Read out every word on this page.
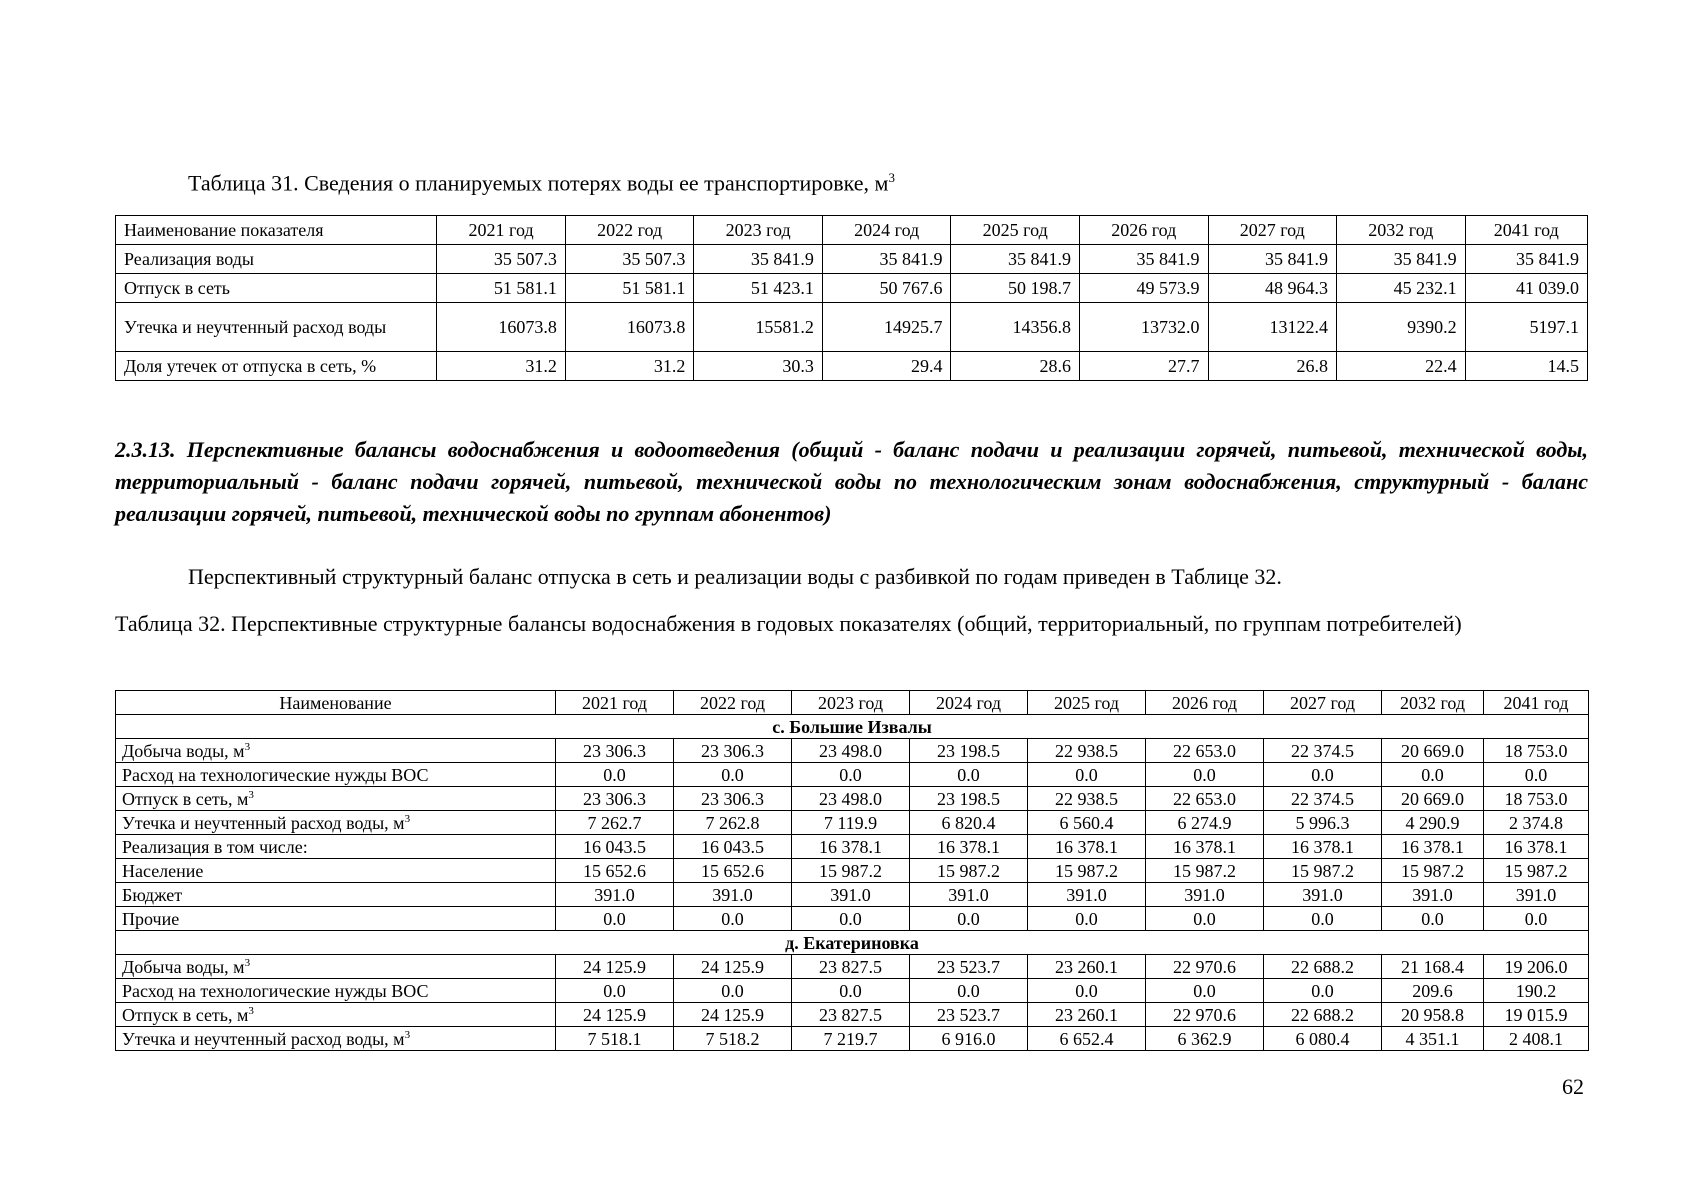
Таблица 31. Сведения о планируемых потерях воды ее транспортировке, $м^3$
Наименование показателя	2021 год	2022 год	2023 год	2024 год	2025 год	2026 год	2027 год	2032 год	2041 год
Реализация воды	35 507.3	35 507.3	35 841.9	35 841.9	35 841.9	35 841.9	35 841.9	35 841.9	35 841.9
Отпуск в сеть	51 581.1	51 581.1	51 423.1	50 767.6	50 198.7	49 573.9	48 964.3	45 232.1	41 039.0
Утечка и неучтенный расход воды	16073.8	16073.8	15581.2	14925.7	14356.8	13732.0	13122.4	9390.2	5197.1
Доля утечек от отпуска в сеть, %	31.2	31.2	30.3	29.4	28.6	27.7	26.8	22.4	14.5
2.3.13. Перспективные балансы водоснабжения и водоотведения (общий - баланс подачи и реализации горячей, питьевой, технической воды, территориальный - баланс подачи горячей, питьевой, технической воды по технологическим зонам водоснабжения, структурный - баланс реализации горячей, питьевой, технической воды по группам абонентов)
Перспективный структурный баланс отпуска в сеть и реализации воды с разбивкой по годам приведен в Таблице 32.
Таблица 32. Перспективные структурные балансы водоснабжения в годовых показателях (общий, территориальный, по группам потребителей)
Наименование	2021 год	2022 год	2023 год	2024 год	2025 год	2026 год	2027 год	2032 год	2041 год
с. Большие Извалы									
Добыча воды, $м^3$	23 306.3	23 306.3	23 498.0	23 198.5	22 938.5	22 653.0	22 374.5	20 669.0	18 753.0
Расход на технологические нужды ВОС	0.0	0.0	0.0	0.0	0.0	0.0	0.0	0.0	0.0
Отпуск в сеть, $м^3$	23 306.3	23 306.3	23 498.0	23 198.5	22 938.5	22 653.0	22 374.5	20 669.0	18 753.0
Утечка и неучтенный расход воды, $м^3$	7 262.7	7 262.8	7 119.9	6 820.4	6 560.4	6 274.9	5 996.3	4 290.9	2 374.8
Реализация в том числе:	16 043.5	16 043.5	16 378.1	16 378.1	16 378.1	16 378.1	16 378.1	16 378.1	16 378.1
Население	15 652.6	15 652.6	15 987.2	15 987.2	15 987.2	15 987.2	15 987.2	15 987.2	15 987.2
Бюджет	391.0	391.0	391.0	391.0	391.0	391.0	391.0	391.0	391.0
Прочие	0.0	0.0	0.0	0.0	0.0	0.0	0.0	0.0	0.0
д. Екатериновка									
Добыча воды, $м^3$	24 125.9	24 125.9	23 827.5	23 523.7	23 260.1	22 970.6	22 688.2	21 168.4	19 206.0
Расход на технологические нужды ВОС	0.0	0.0	0.0	0.0	0.0	0.0	0.0	209.6	190.2
Отпуск в сеть, $м^3$	24 125.9	24 125.9	23 827.5	23 523.7	23 260.1	22 970.6	22 688.2	20 958.8	19 015.9
Утечка и неучтенный расход воды, $м^3$	7 518.1	7 518.2	7 219.7	6 916.0	6 652.4	6 362.9	6 080.4	4 351.1	2 408.1
62
